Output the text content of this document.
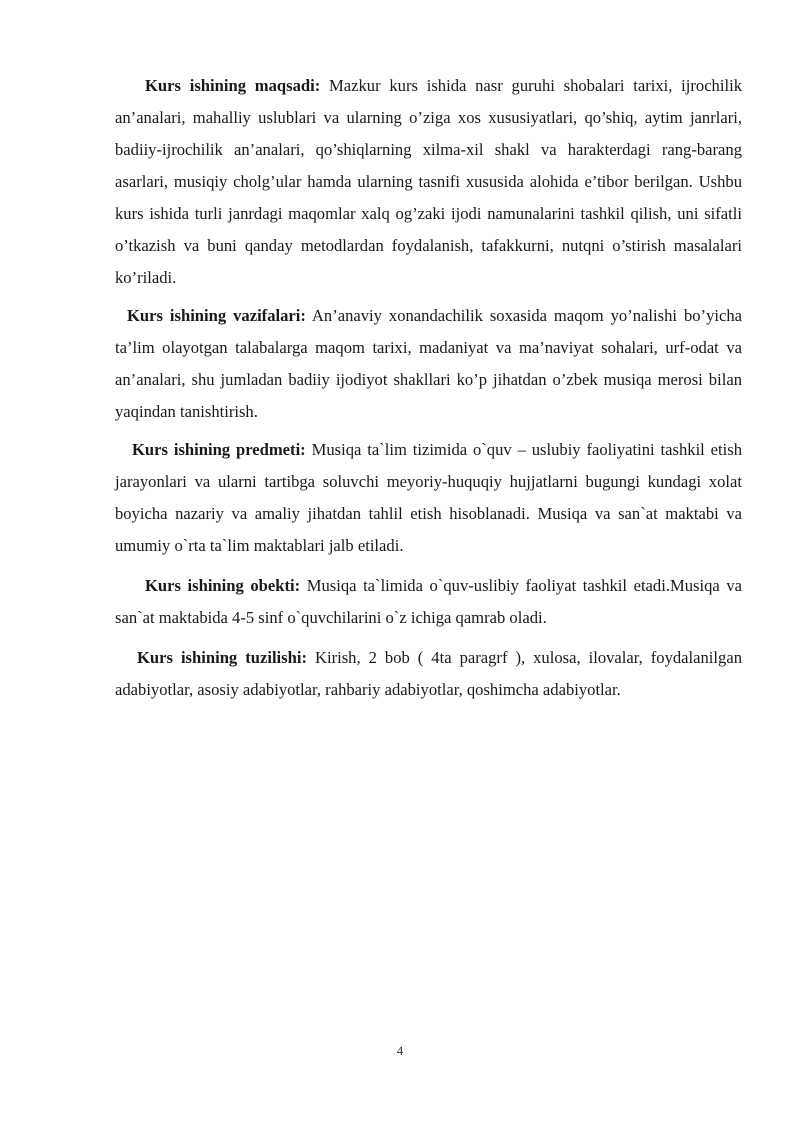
Kurs ishining maqsadi: Mazkur kurs ishida nasr guruhi shobalari tarixi, ijrochilik an’analari, mahalliy uslublari va ularning o’ziga xos xususiyatlari, qo’shiq, aytim janrlari, badiiy-ijrochilik an’analari, qo’shiqlarning xilma-xil shakl va harakterdagi rang-barang asarlari, musiqiy cholg’ular hamda ularning tasnifi xususida alohida e’tibor berilgan. Ushbu kurs ishida turli janrdagi maqomlar xalq og’zaki ijodi namunalarini tashkil qilish, uni sifatli o’tkazish va buni qanday metodlardan foydalanish, tafakkurni, nutqni o’stirish masalalari ko’riladi.

Kurs ishining vazifalari: An’anaviy xonandachilik soxasida maqom yo’nalishi bo’yicha ta’lim olayotgan talabalarga maqom tarixi, madaniyat va ma’naviyat sohalari, urf-odat va an’analari, shu jumladan badiiy ijodiyot shakllari ko’p jihatdan o’zbek musiqa merosi bilan yaqindan tanishtirish.

Kurs ishining predmeti: Musiqa ta`lim tizimida o`quv – uslubiy faoliyatini tashkil etish jarayonlari va ularni tartibga soluvchi meyoriy-huquqiy hujjatlarni bugungi kundagi xolat boyicha nazariy va amaliy jihatdan tahlil etish hisoblanadi. Musiqa va san`at maktabi va umumiy o`rta ta`lim maktablari jalb etiladi.

Kurs ishining obekti: Musiqa ta`limida o`quv-uslibiy faoliyat tashkil etadi.Musiqa va san`at maktabida 4-5 sinf o`quvchilarini o`z ichiga qamrab oladi.

Kurs ishining tuzilishi: Kirish, 2 bob ( 4ta paragrf ), xulosa, ilovalar, foydalanilgan adabiyotlar, asosiy adabiyotlar, rahbariy adabiyotlar, qoshimcha adabiyotlar.

4
